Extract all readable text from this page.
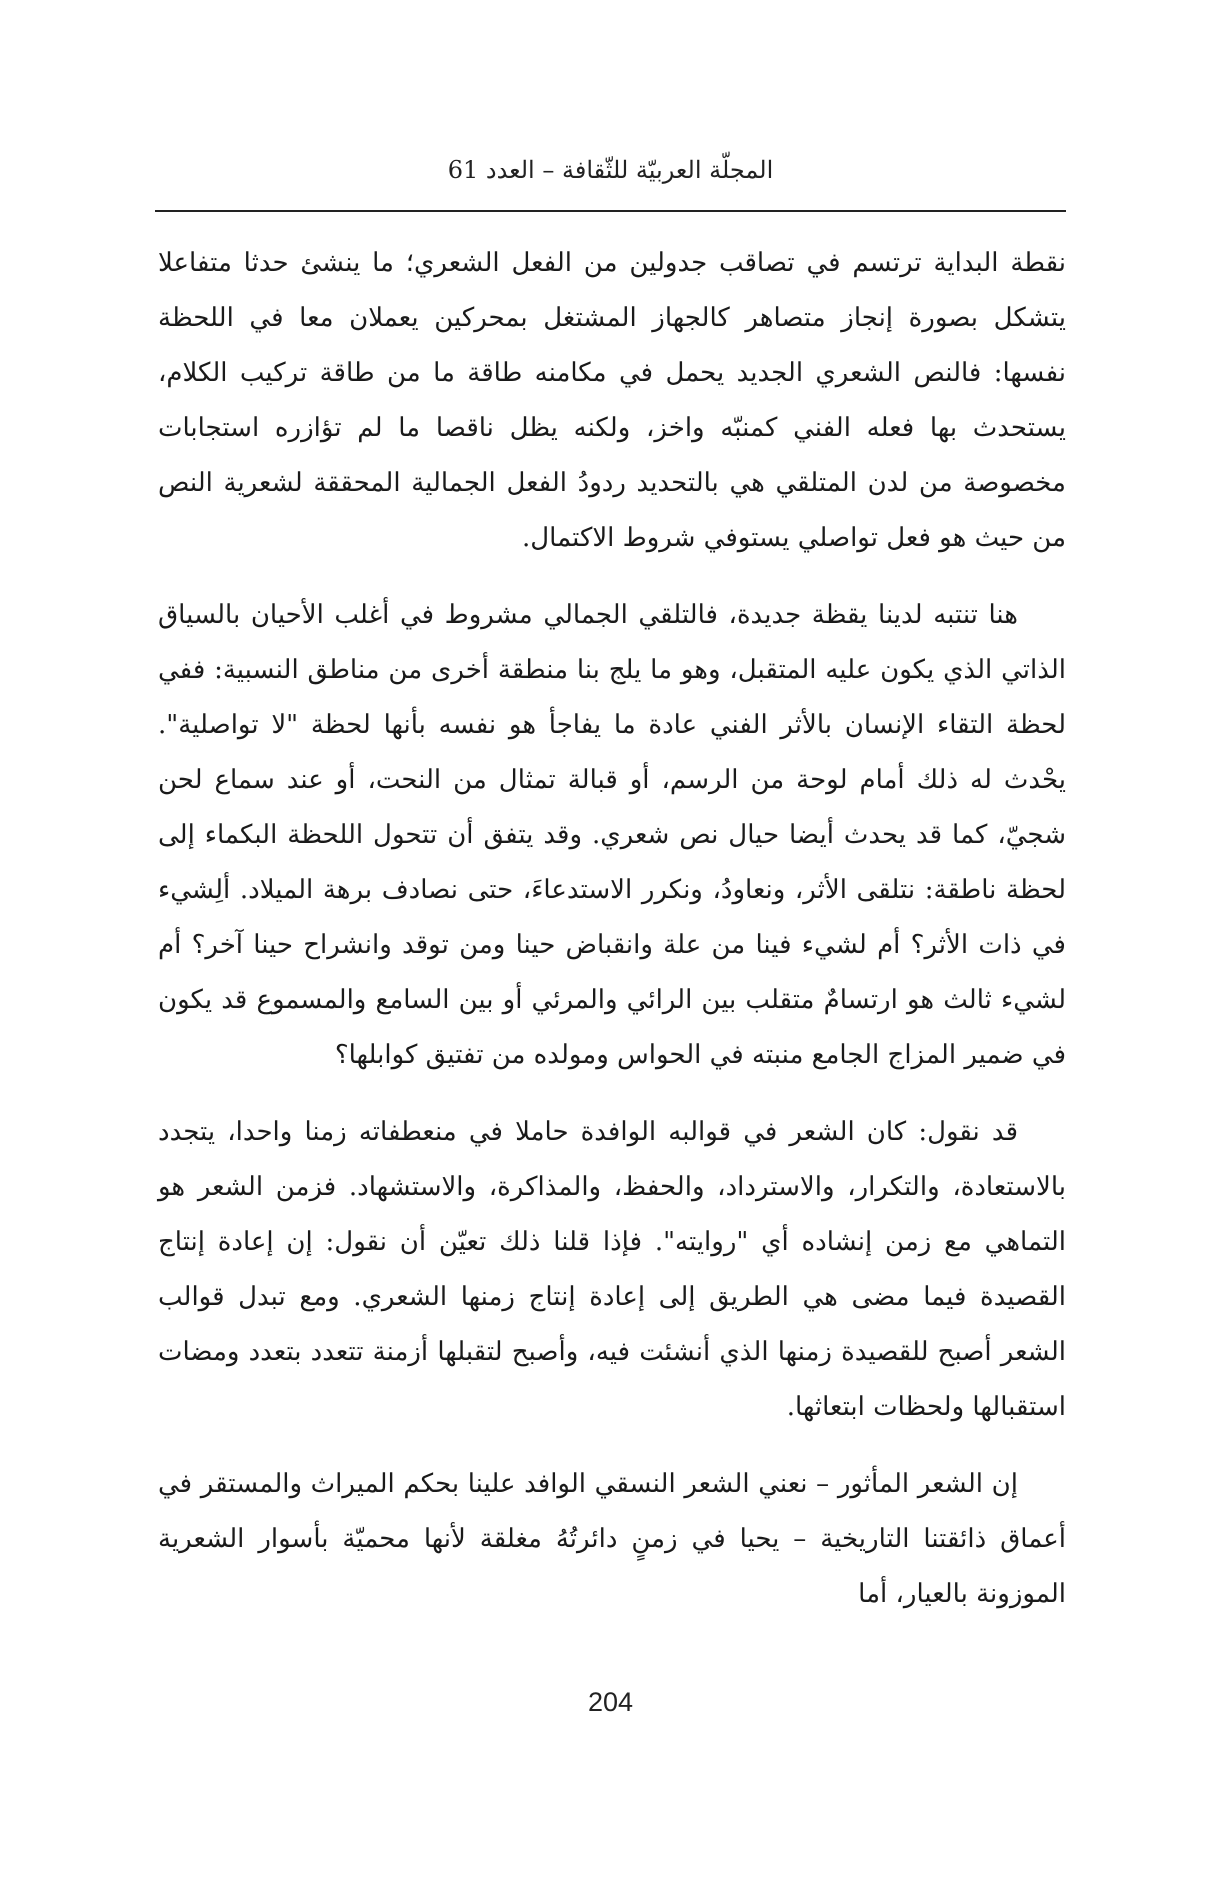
المجلّة العربيّة للثّقافة – العدد 61

نقطة البداية ترتسم في تصاقب جدولين من الفعل الشعري؛ ما ينشئ حدثا متفاعلا يتشكل بصورة إنجاز متصاهر كالجهاز المشتغل بمحركين يعملان معا في اللحظة نفسها: فالنص الشعري الجديد يحمل في مكامنه طاقة ما من طاقة تركيب الكلام، يستحدث بها فعله الفني كمنبّه واخز، ولكنه يظل ناقصا ما لم تؤازره استجابات مخصوصة من لدن المتلقي هي بالتحديد ردودُ الفعل الجمالية المحققة لشعرية النص من حيث هو فعل تواصلي يستوفي شروط الاكتمال.

هنا تنتبه لدينا يقظة جديدة، فالتلقي الجمالي مشروط في أغلب الأحيان بالسياق الذاتي الذي يكون عليه المتقبل، وهو ما يلج بنا منطقة أخرى من مناطق النسبية: ففي لحظة التقاء الإنسان بالأثر الفني عادة ما يفاجأ هو نفسه بأنها لحظة "لا تواصلية". يحْدث له ذلك أمام لوحة من الرسم، أو قبالة تمثال من النحت، أو عند سماع لحن شجيّ، كما قد يحدث أيضا حيال نص شعري. وقد يتفق أن تتحول اللحظة البكماء إلى لحظة ناطقة: نتلقى الأثر، ونعاودُ، ونكرر الاستدعاءَ، حتى نصادف برهة الميلاد. ألِشيء في ذات الأثر؟ أم لشيء فينا من علة وانقباض حينا ومن توقد وانشراح حينا آخر؟ أم لشيء ثالث هو ارتسامٌ متقلب بين الرائي والمرئي أو بين السامع والمسموع قد يكون في ضمير المزاج الجامع منبته في الحواس ومولده من تفتيق كوابلها؟

قد نقول: كان الشعر في قوالبه الوافدة حاملا في منعطفاته زمنا واحدا، يتجدد بالاستعادة، والتكرار، والاسترداد، والحفظ، والمذاكرة، والاستشهاد. فزمن الشعر هو التماهي مع زمن إنشاده أي "روايته". فإذا قلنا ذلك تعيّن أن نقول: إن إعادة إنتاج القصيدة فيما مضى هي الطريق إلى إعادة إنتاج زمنها الشعري. ومع تبدل قوالب الشعر أصبح للقصيدة زمنها الذي أنشئت فيه، وأصبح لتقبلها أزمنة تتعدد بتعدد ومضات استقبالها ولحظات ابتعاثها.

إن الشعر المأثور – نعني الشعر النسقي الوافد علينا بحكم الميراث والمستقر في أعماق ذائقتنا التاريخية – يحيا في زمنٍ دائرتُهُ مغلقة لأنها محميّة بأسوار الشعرية الموزونة بالعيار، أما

204
